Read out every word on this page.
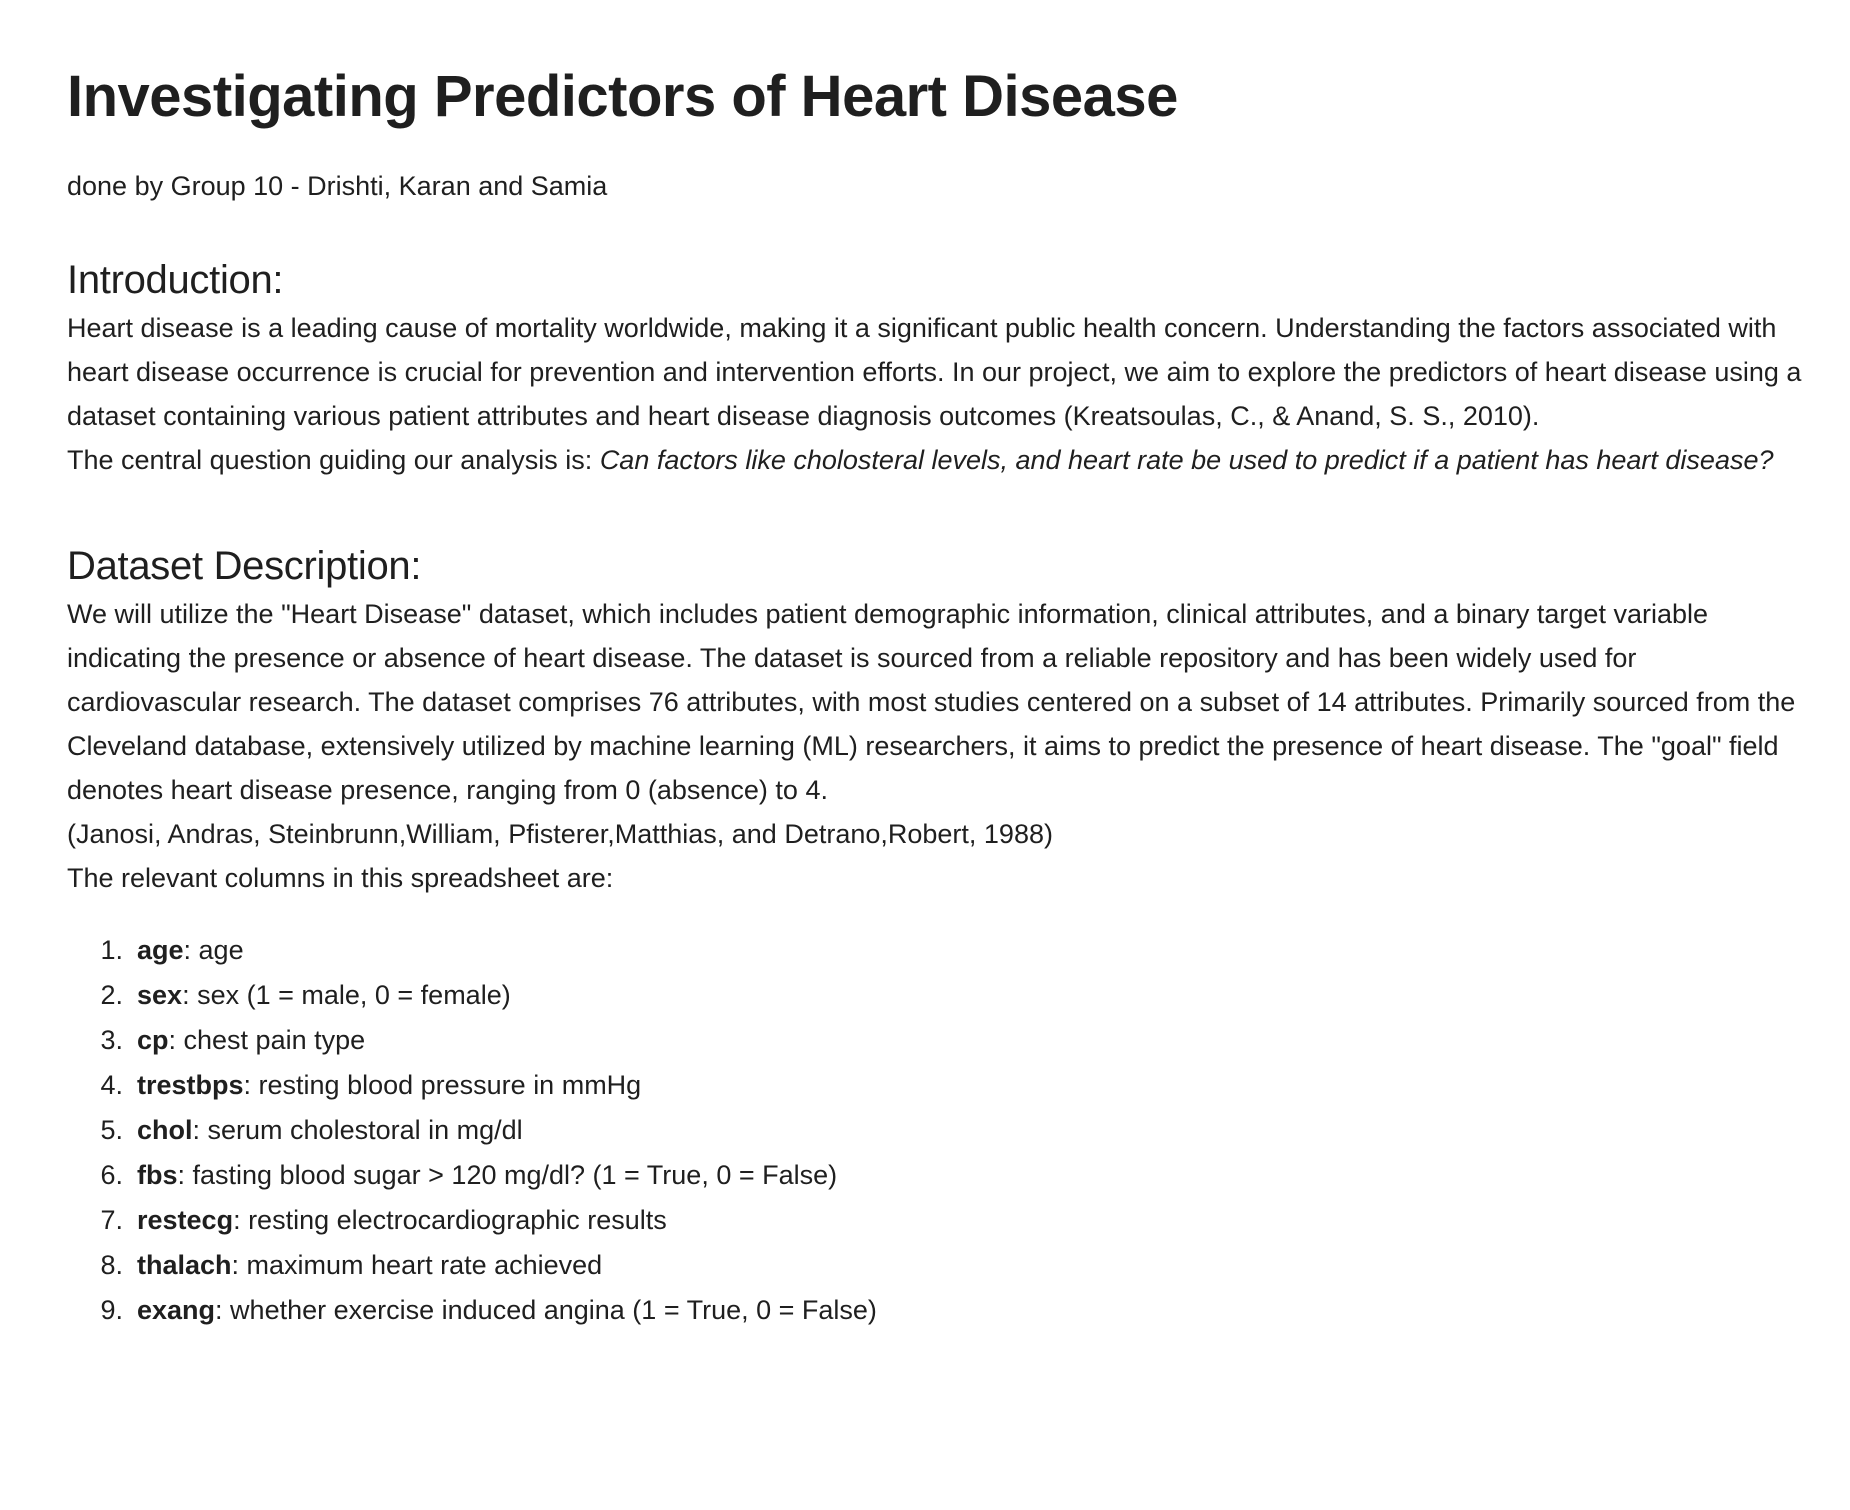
Investigating Predictors of Heart Disease

done by Group 10 - Drishti, Karan and Samia

Introduction:

Heart disease is a leading cause of mortality worldwide, making it a significant public health concern. Understanding the factors associated with heart disease occurrence is crucial for prevention and intervention efforts. In our project, we aim to explore the predictors of heart disease using a dataset containing various patient attributes and heart disease diagnosis outcomes (Kreatsoulas, C., & Anand, S. S., 2010).

The central question guiding our analysis is: Can factors like cholosteral levels, and heart rate be used to predict if a patient has heart disease?

Dataset Description:

We will utilize the "Heart Disease" dataset, which includes patient demographic information, clinical attributes, and a binary target variable indicating the presence or absence of heart disease. The dataset is sourced from a reliable repository and has been widely used for cardiovascular research. The dataset comprises 76 attributes, with most studies centered on a subset of 14 attributes. Primarily sourced from the Cleveland database, extensively utilized by machine learning (ML) researchers, it aims to predict the presence of heart disease. The "goal" field denotes heart disease presence, ranging from 0 (absence) to 4.
(Janosi, Andras, Steinbrunn,William, Pfisterer,Matthias, and Detrano,Robert, 1988)

The relevant columns in this spreadsheet are:

1. age: age
2. sex: sex (1 = male, 0 = female)
3. cp: chest pain type
4. trestbps: resting blood pressure in mmHg
5. chol: serum cholestoral in mg/dl
6. fbs: fasting blood sugar > 120 mg/dl? (1 = True, 0 = False)
7. restecg: resting electrocardiographic results
8. thalach: maximum heart rate achieved
9. exang: whether exercise induced angina (1 = True, 0 = False)
